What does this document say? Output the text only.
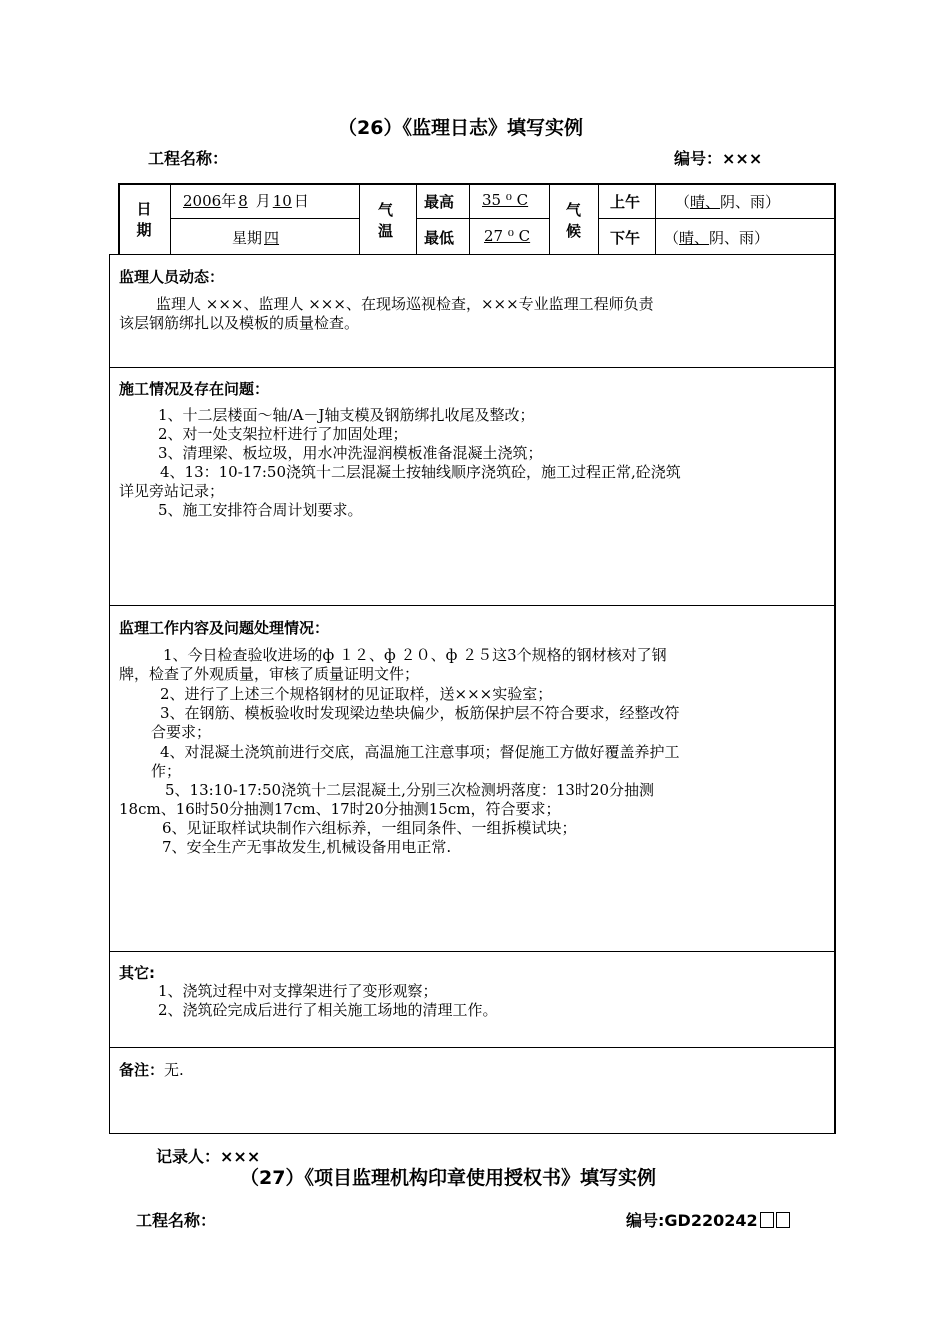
（26）《监理日志》填写实例
工程名称：	编号：×××
日期
2006年 8 月 10 日
星期 四
气温
最高 35 ⁰ C
最低 27 ⁰ C
气候
上午 （晴、阴、雨）
下午 （晴、阴、雨）
监理人员动态：
监理人 ×××、监理人 ×××、在现场巡视检查，×××专业监理工程师负责
该层钢筋绑扎以及模板的质量检查。
施工情况及存在问题：
1、十二层楼面～轴/A－J轴支模及钢筋绑扎收尾及整改；
2、对一处支架拉杆进行了加固处理；
3、清理梁、板垃圾，用水冲洗湿润模板准备混凝土浇筑；
4、13：10-17:50浇筑十二层混凝土按轴线顺序浇筑砼，施工过程正常,砼浇筑
详见旁站记录；
5、施工安排符合周计划要求。
监理工作内容及问题处理情况：
1、今日检查验收进场的ф １２、ф ２０、ф ２５这3个规格的钢材核对了钢
牌，检查了外观质量，审核了质量证明文件；
2、进行了上述三个规格钢材的见证取样，送×××实验室；
3、在钢筋、模板验收时发现梁边垫块偏少，板筋保护层不符合要求，经整改符
合要求；
4、对混凝土浇筑前进行交底，高温施工注意事项；督促施工方做好覆盖养护工
作；
5、13:10-17:50浇筑十二层混凝土,分别三次检测坍落度：13时20分抽测
18cm、16时50分抽测17cm、17时20分抽测15cm，符合要求；
6、见证取样试块制作六组标养，一组同条件、一组拆模试块；
7、安全生产无事故发生,机械设备用电正常.
其它:
1、浇筑过程中对支撑架进行了变形观察；
2、浇筑砼完成后进行了相关施工场地的清理工作。
备注：无.
记录人：×××
（27）《项目监理机构印章使用授权书》填写实例
工程名称：	编号:GD220242
